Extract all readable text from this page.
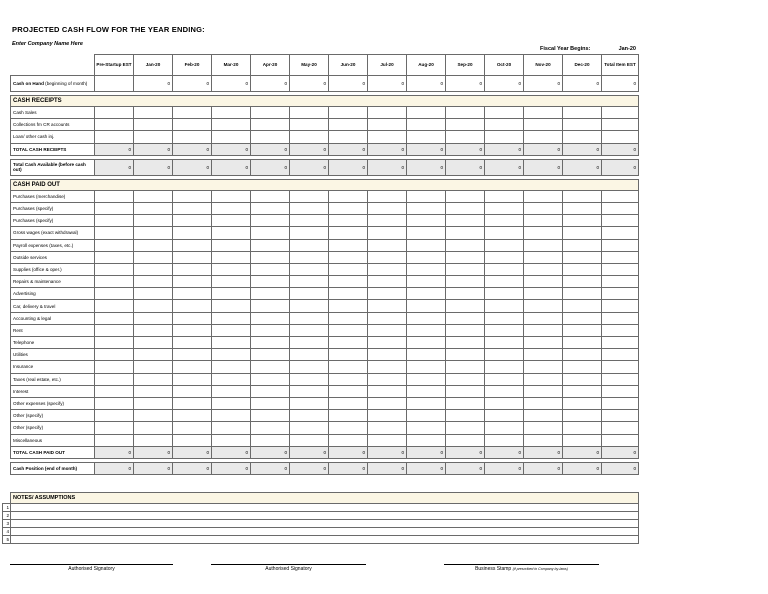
PROJECTED CASH FLOW FOR THE YEAR ENDING:
Enter Company Name Here
Fiscal Year Begins:	Jan-20
	Pre-Startup EST	Jan-20	Feb-20	Mar-20	Apr-20	May-20	Jun-20	Jul-20	Aug-20	Sep-20	Oct-20	Nov-20	Dec-20	Total Item EST
Cash on Hand (beginning of month)		0	0	0	0	0	0	0	0	0	0	0	0	0

CASH RECEIPTS														
Cash Sales														
Collections fm CR accounts														
Loan/ other cash inj.														
TOTAL CASH RECEIPTS	0	0	0	0	0	0	0	0	0	0	0	0	0	0

Total Cash Available (before cash out)	0	0	0	0	0	0	0	0	0	0	0	0	0	0

CASH PAID OUT														
Purchases (merchandise)														
Purchases (specify)														
Purchases (specify)														
Gross wages (exact withdrawal)														
Payroll expenses (taxes, etc.)														
Outside services														
Supplies (office & oper.)														
Repairs & maintenance														
Advertising														
Car, delivery & travel														
Accounting & legal														
Rent														
Telephone														
Utilities														
Insurance														
Taxes (real estate, etc.)														
Interest														
Other expenses (specify)														
Other (specify)														
Other (specify)														
Miscellaneous														
TOTAL CASH PAID OUT	0	0	0	0	0	0	0	0	0	0	0	0	0	0

Cash Position (end of month)	0	0	0	0	0	0	0	0	0	0	0	0	0	0
	NOTES/ ASSUMPTIONS
1	
2	
3	
4	
5	
Authorised Signatory	Authorised Signatory	Business Stamp (if prescribed in Company by-laws)
